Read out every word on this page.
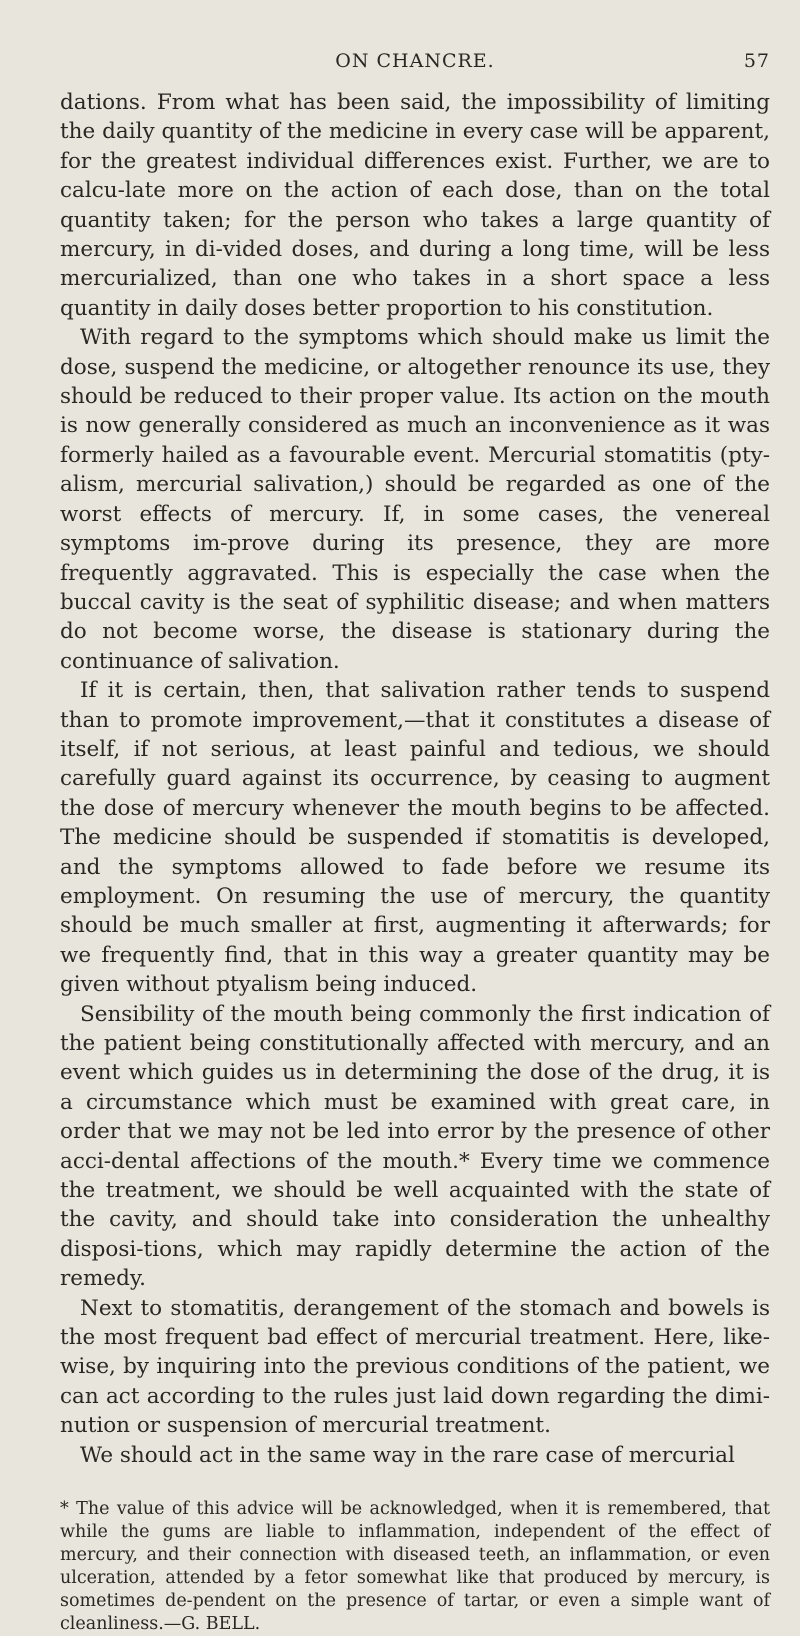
ON CHANCRE.	57

dations. From what has been said, the impossibility of limiting the daily quantity of the medicine in every case will be apparent, for the greatest individual differences exist. Further, we are to calcu-late more on the action of each dose, than on the total quantity taken; for the person who takes a large quantity of mercury, in di-vided doses, and during a long time, will be less mercurialized, than one who takes in a short space a less quantity in daily doses better proportion to his constitution.

With regard to the symptoms which should make us limit the dose, suspend the medicine, or altogether renounce its use, they should be reduced to their proper value. Its action on the mouth is now generally considered as much an inconvenience as it was formerly hailed as a favourable event. Mercurial stomatitis (pty-alism, mercurial salivation,) should be regarded as one of the worst effects of mercury. If, in some cases, the venereal symptoms im-prove during its presence, they are more frequently aggravated. This is especially the case when the buccal cavity is the seat of syphilitic disease; and when matters do not become worse, the disease is stationary during the continuance of salivation.

If it is certain, then, that salivation rather tends to suspend than to promote improvement,—that it constitutes a disease of itself, if not serious, at least painful and tedious, we should carefully guard against its occurrence, by ceasing to augment the dose of mercury whenever the mouth begins to be affected. The medicine should be suspended if stomatitis is developed, and the symptoms allowed to fade before we resume its employment. On resuming the use of mercury, the quantity should be much smaller at first, augmenting it afterwards; for we frequently find, that in this way a greater quantity may be given without ptyalism being induced.

Sensibility of the mouth being commonly the first indication of the patient being constitutionally affected with mercury, and an event which guides us in determining the dose of the drug, it is a circumstance which must be examined with great care, in order that we may not be led into error by the presence of other acci-dental affections of the mouth.* Every time we commence the treatment, we should be well acquainted with the state of the cavity, and should take into consideration the unhealthy disposi-tions, which may rapidly determine the action of the remedy.

Next to stomatitis, derangement of the stomach and bowels is the most frequent bad effect of mercurial treatment. Here, like-wise, by inquiring into the previous conditions of the patient, we can act according to the rules just laid down regarding the dimi-nution or suspension of mercurial treatment.

We should act in the same way in the rare case of mercurial

* The value of this advice will be acknowledged, when it is remembered, that while the gums are liable to inflammation, independent of the effect of mercury, and their connection with diseased teeth, an inflammation, or even ulceration, attended by a fetor somewhat like that produced by mercury, is sometimes de-pendent on the presence of tartar, or even a simple want of cleanliness.—G. BELL.
